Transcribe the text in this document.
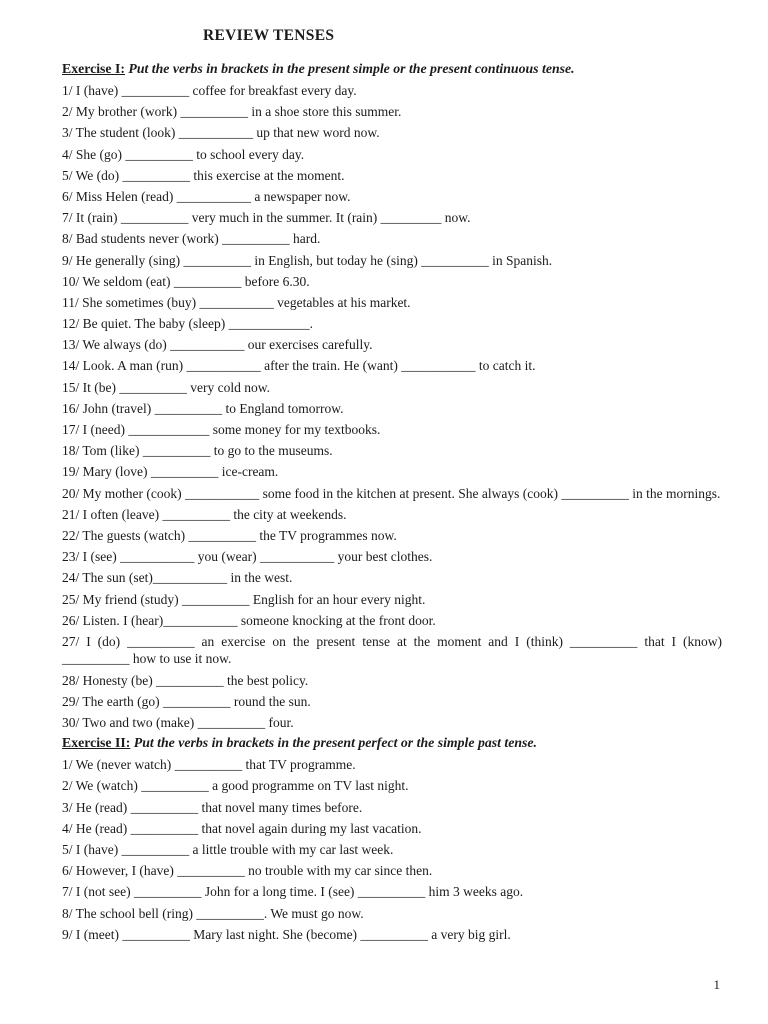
REVIEW TENSES

Exercise I: Put the verbs in brackets in the present simple or the present continuous tense.

1/ I (have) __________ coffee for breakfast every day.

2/ My brother (work) __________ in a shoe store this summer.

3/ The student (look) ___________ up that new word now.

4/ She (go) __________ to school every day.

5/ We (do) __________ this exercise at the moment.

6/ Miss Helen (read) ___________ a newspaper now.

7/ It (rain) __________ very much in the summer. It (rain) _________ now.

8/ Bad students never (work) __________ hard.

9/ He generally (sing) __________ in English, but today he (sing) __________ in Spanish.

10/ We seldom (eat) __________ before 6.30.

11/ She sometimes (buy) ___________ vegetables at his market.

12/ Be quiet. The baby (sleep) ____________.

13/ We always (do) ___________ our exercises carefully.

14/ Look. A man (run) ___________ after the train. He (want) ___________ to catch it.

15/ It (be) __________ very cold now.

16/ John (travel) __________ to England tomorrow.

17/ I (need) ____________ some money for my textbooks.

18/ Tom (like) __________ to go to the museums.

19/ Mary (love) __________ ice-cream.

20/ My mother (cook) ___________ some food in the kitchen at present. She always (cook) __________ in the mornings.

21/ I often (leave) __________ the city at weekends.

22/ The guests (watch) __________ the TV programmes now.

23/ I (see) ___________ you (wear) ___________ your best clothes.

24/ The sun (set)___________ in the west.

25/ My friend (study) __________ English for an hour every night.

26/ Listen. I (hear)___________ someone knocking at the front door.

27/ I (do) __________ an exercise on the present tense at the moment and I (think) __________ that I (know) __________ how to use it now.

28/ Honesty (be) __________ the best policy.

29/ The earth (go) __________ round the sun.

30/ Two and two (make) __________ four.

Exercise II: Put the verbs in brackets in the present perfect or the simple past tense.

1/ We (never watch) __________ that TV programme.

2/ We (watch) __________ a good programme on TV last night.

3/ He (read) __________ that novel many times before.

4/ He (read) __________ that novel again during my last vacation.

5/ I (have) __________ a little trouble with my car last week.

6/ However, I (have) __________ no trouble with my car since then.

7/ I (not see) __________ John for a long time. I (see) __________ him 3 weeks ago.

8/ The school bell (ring) __________. We must go now.

9/ I (meet) __________ Mary last night. She (become) __________ a very big girl.

1
